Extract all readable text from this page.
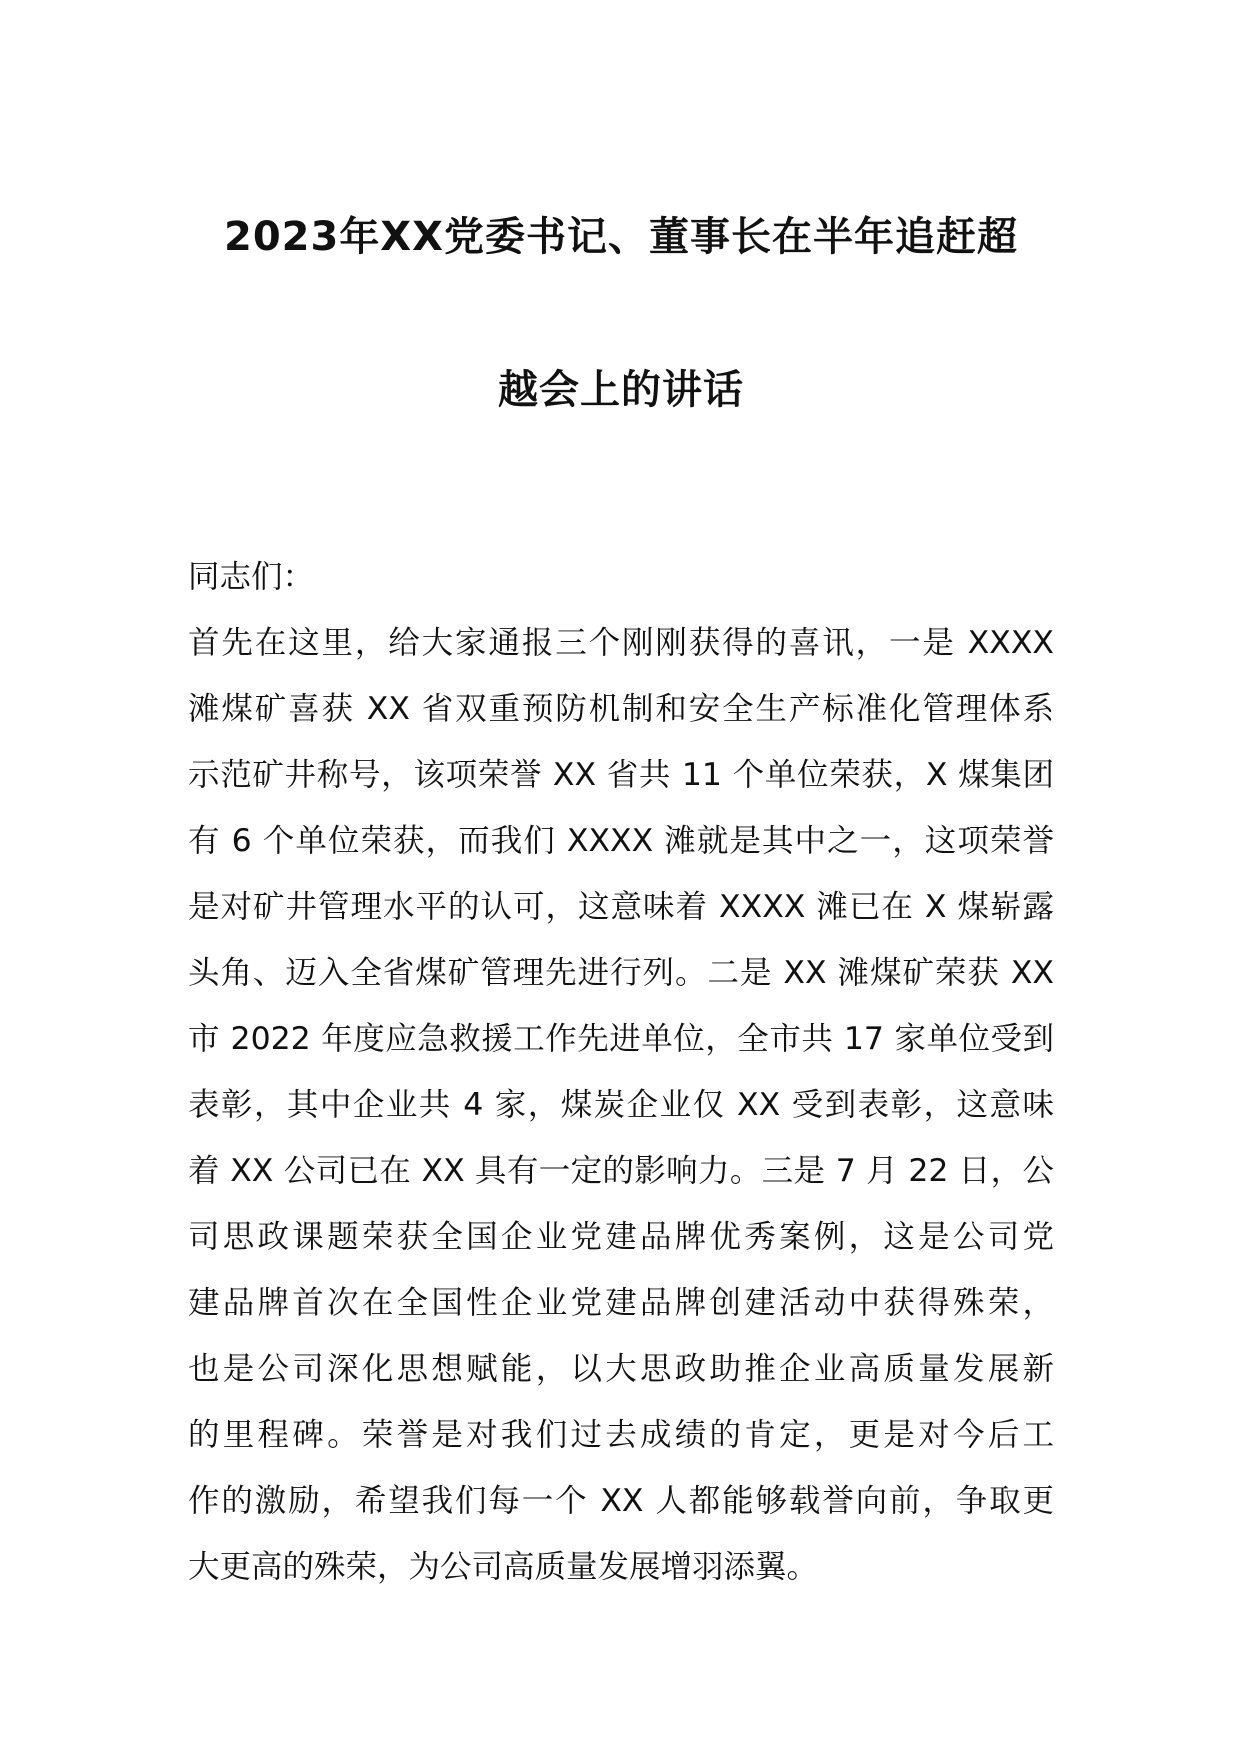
2023年XX党委书记、董事长在半年追赶超
越会上的讲话
同志们：
首先在这里，给大家通报三个刚刚获得的喜讯，一是 XXXX
滩煤矿喜获 XX 省双重预防机制和安全生产标准化管理体系
示范矿井称号，该项荣誉 XX 省共 11 个单位荣获，X 煤集团
有 6 个单位荣获，而我们 XXXX 滩就是其中之一，这项荣誉
是对矿井管理水平的认可，这意味着 XXXX 滩已在 X 煤崭露
头角、迈入全省煤矿管理先进行列。二是 XX 滩煤矿荣获 XX
市 2022 年度应急救援工作先进单位，全市共 17 家单位受到
表彰，其中企业共 4 家，煤炭企业仅 XX 受到表彰，这意味
着 XX 公司已在 XX 具有一定的影响力。三是 7 月 22 日，公
司思政课题荣获全国企业党建品牌优秀案例，这是公司党
建品牌首次在全国性企业党建品牌创建活动中获得殊荣，
也是公司深化思想赋能，以大思政助推企业高质量发展新
的里程碑。荣誉是对我们过去成绩的肯定，更是对今后工
作的激励，希望我们每一个 XX 人都能够载誉向前，争取更
大更高的殊荣，为公司高质量发展增羽添翼。
